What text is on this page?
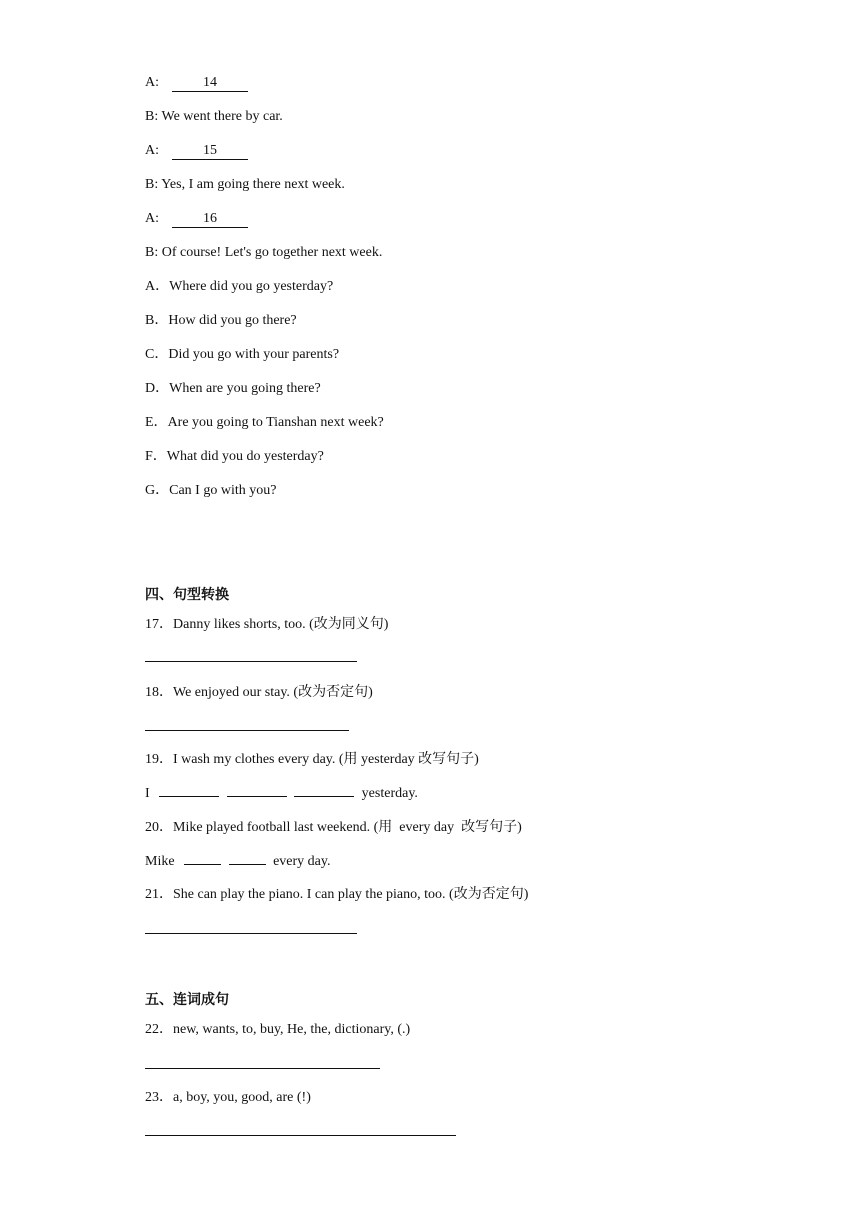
A:	14
B: We went there by car.
A:	15
B: Yes, I am going there next week.
A:	16
B: Of course! Let's go together next week.
A．Where did you go yesterday?
B．How did you go there?
C．Did you go with your parents?
D．When are you going there?
E．Are you going to Tianshan next week?
F．What did you do yesterday?
G．Can I go with you?
四、句型转换
17．Danny likes shorts, too. (改为同义句)
18．We enjoyed our stay. (改为否定句)
19．I wash my clothes every day. (用 yesterday 改写句子)
I	yesterday.
20．Mike played football last weekend. (用  every day  改写句子)
Mike	every day.
21．She can play the piano. I can play the piano, too. (改为否定句)
五、连词成句
22．new, wants, to, buy, He, the, dictionary, (.)
23．a, boy, you, good, are (!)
